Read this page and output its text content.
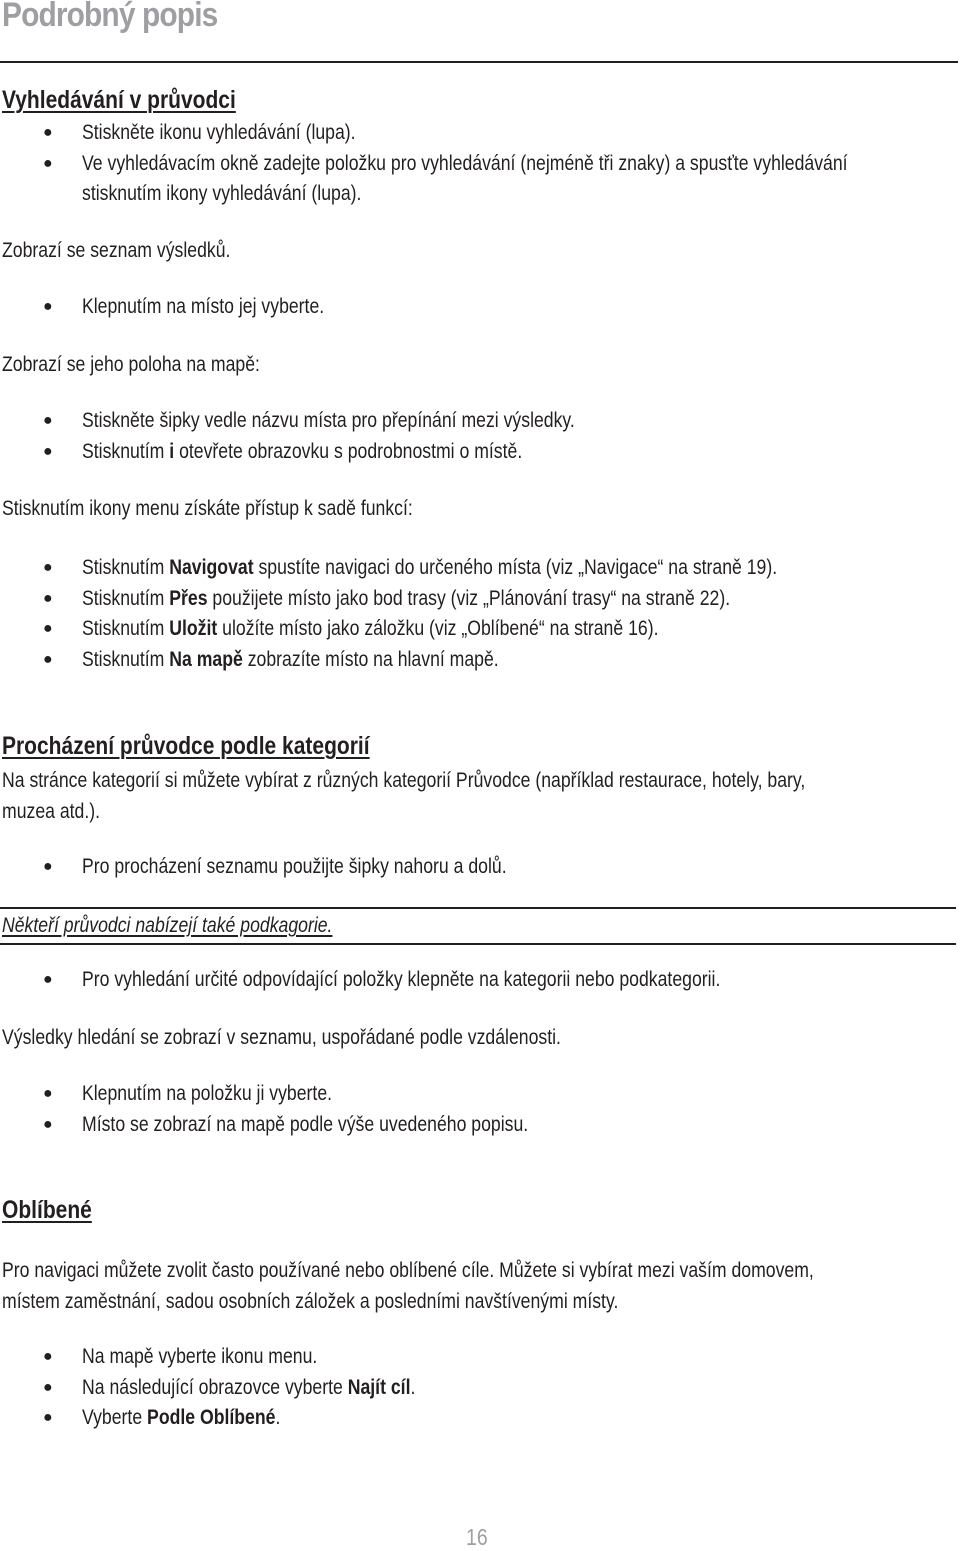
Podrobný popis
Vyhledávání v průvodci
● Stiskněte ikonu vyhledávání (lupa).
● Ve vyhledávacím okně zadejte položku pro vyhledávání (nejméně tři znaky) a spusťte vyhledávání
stisknutím ikony vyhledávání (lupa).

Zobrazí se seznam výsledků.

● Klepnutím na místo jej vyberte.

Zobrazí se jeho poloha na mapě:

● Stiskněte šipky vedle názvu místa pro přepínání mezi výsledky.
● Stisknutím i otevřete obrazovku s podrobnostmi o místě.

Stisknutím ikony menu získáte přístup k sadě funkcí:

● Stisknutím Navigovat spustíte navigaci do určeného místa (viz „Navigace“ na straně 19).
● Stisknutím Přes použijete místo jako bod trasy (viz „Plánování trasy“ na straně 22).
● Stisknutím Uložit uložíte místo jako záložku (viz „Oblíbené“ na straně 16).
● Stisknutím Na mapě zobrazíte místo na hlavní mapě.
Procházení průvodce podle kategorií

Na stránce kategorií si můžete vybírat z různých kategorií Průvodce (například restaurace, hotely, bary,

muzea atd.).

● Pro procházení seznamu použijte šipky nahoru a dolů.

Někteří průvodci nabízejí také podkagorie.

● Pro vyhledání určité odpovídající položky klepněte na kategorii nebo podkategorii.

Výsledky hledání se zobrazí v seznamu, uspořádané podle vzdálenosti.

● Klepnutím na položku ji vyberte.
● Místo se zobrazí na mapě podle výše uvedeného popisu.
Oblíbené

Pro navigaci můžete zvolit často používané nebo oblíbené cíle. Můžete si vybírat mezi vaším domovem,

místem zaměstnání, sadou osobních záložek a posledními navštívenými místy.

● Na mapě vyberte ikonu menu.
● Na následující obrazovce vyberte Najít cíl.
● Vyberte Podle Oblíbené.
16
